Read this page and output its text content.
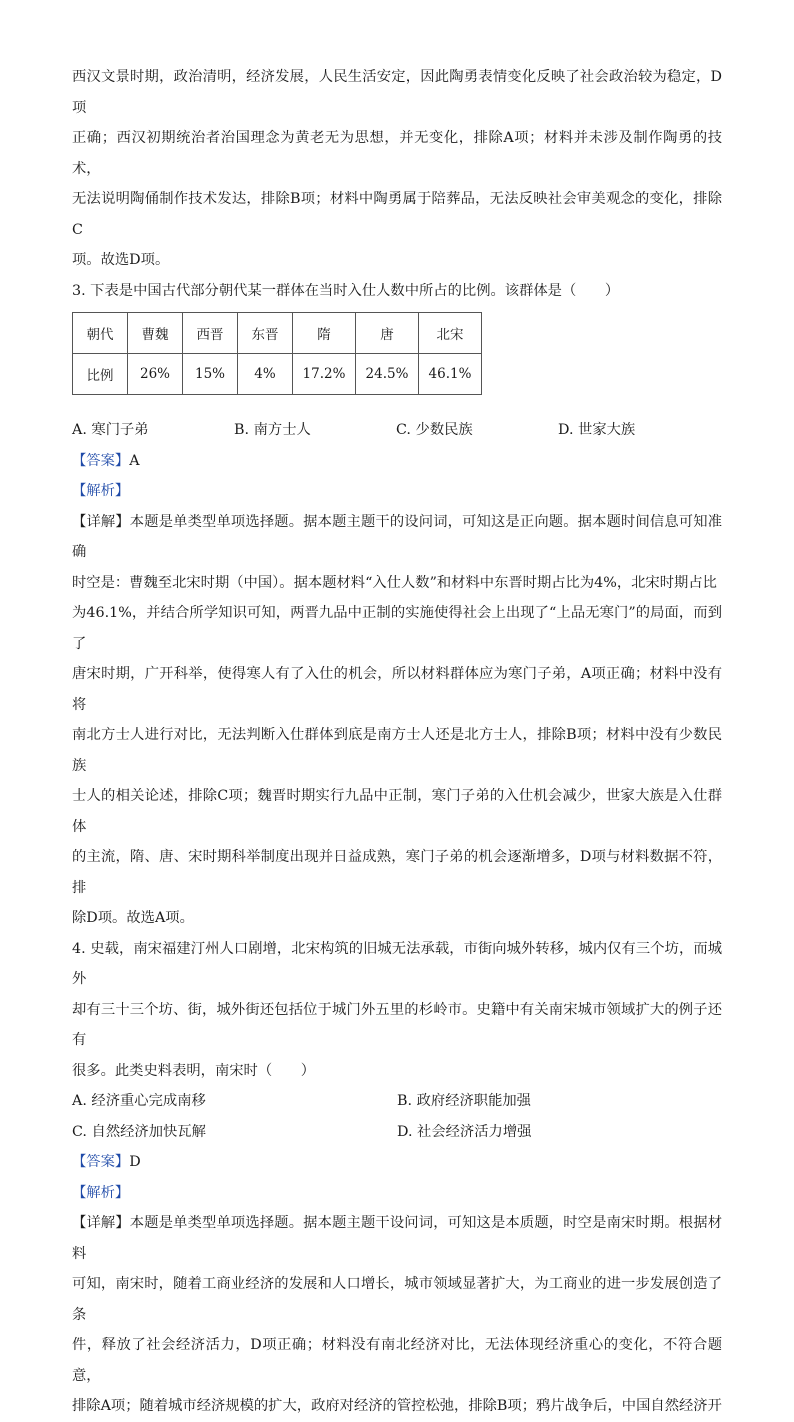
西汉文景时期，政治清明，经济发展，人民生活安定，因此陶勇表情变化反映了社会政治较为稳定，D项

正确；西汉初期统治者治国理念为黄老无为思想，并无变化，排除A项；材料并未涉及制作陶勇的技术，

无法说明陶俑制作技术发达，排除B项；材料中陶勇属于陪葬品，无法反映社会审美观念的变化，排除C

项。故选D项。

3. 下表是中国古代部分朝代某一群体在当时入仕人数中所占的比例。该群体是（　　）

朝代	曹魏	西晋	东晋	隋	唐	北宋
比例	26%	15%	4%	17.2%	24.5%	46.1%
A. 寒门子弟	B. 南方士人	C. 少数民族	D. 世家大族

【答案】A

【解析】

【详解】本题是单类型单项选择题。据本题主题干的设问词，可知这是正向题。据本题时间信息可知准确

时空是：曹魏至北宋时期（中国）。据本题材料“入仕人数”和材料中东晋时期占比为4%，北宋时期占比

为46.1%，并结合所学知识可知，两晋九品中正制的实施使得社会上出现了“上品无寒门”的局面，而到了

唐宋时期，广开科举，使得寒人有了入仕的机会，所以材料群体应为寒门子弟，A项正确；材料中没有将

南北方士人进行对比，无法判断入仕群体到底是南方士人还是北方士人，排除B项；材料中没有少数民族

士人的相关论述，排除C项；魏晋时期实行九品中正制，寒门子弟的入仕机会减少，世家大族是入仕群体

的主流，隋、唐、宋时期科举制度出现并日益成熟，寒门子弟的机会逐渐增多，D项与材料数据不符，排

除D项。故选A项。

4. 史载，南宋福建汀州人口剧增，北宋构筑的旧城无法承载，市街向城外转移，城内仅有三个坊，而城外

却有三十三个坊、街，城外街还包括位于城门外五里的杉岭市。史籍中有关南宋城市领域扩大的例子还有

很多。此类史料表明，南宋时（　　）

A. 经济重心完成南移	B. 政府经济职能加强
C. 自然经济加快瓦解	D. 社会经济活力增强

【答案】D

【解析】

【详解】本题是单类型单项选择题。据本题主题干设问词，可知这是本质题，时空是南宋时期。根据材料

可知，南宋时，随着工商业经济的发展和人口增长，城市领域显著扩大，为工商业的进一步发展创造了条

件，释放了社会经济活力，D项正确；材料没有南北经济对比，无法体现经济重心的变化，不符合题意，

排除A项；随着城市经济规模的扩大，政府对经济的管控松弛，排除B项；鸦片战争后，中国自然经济开
